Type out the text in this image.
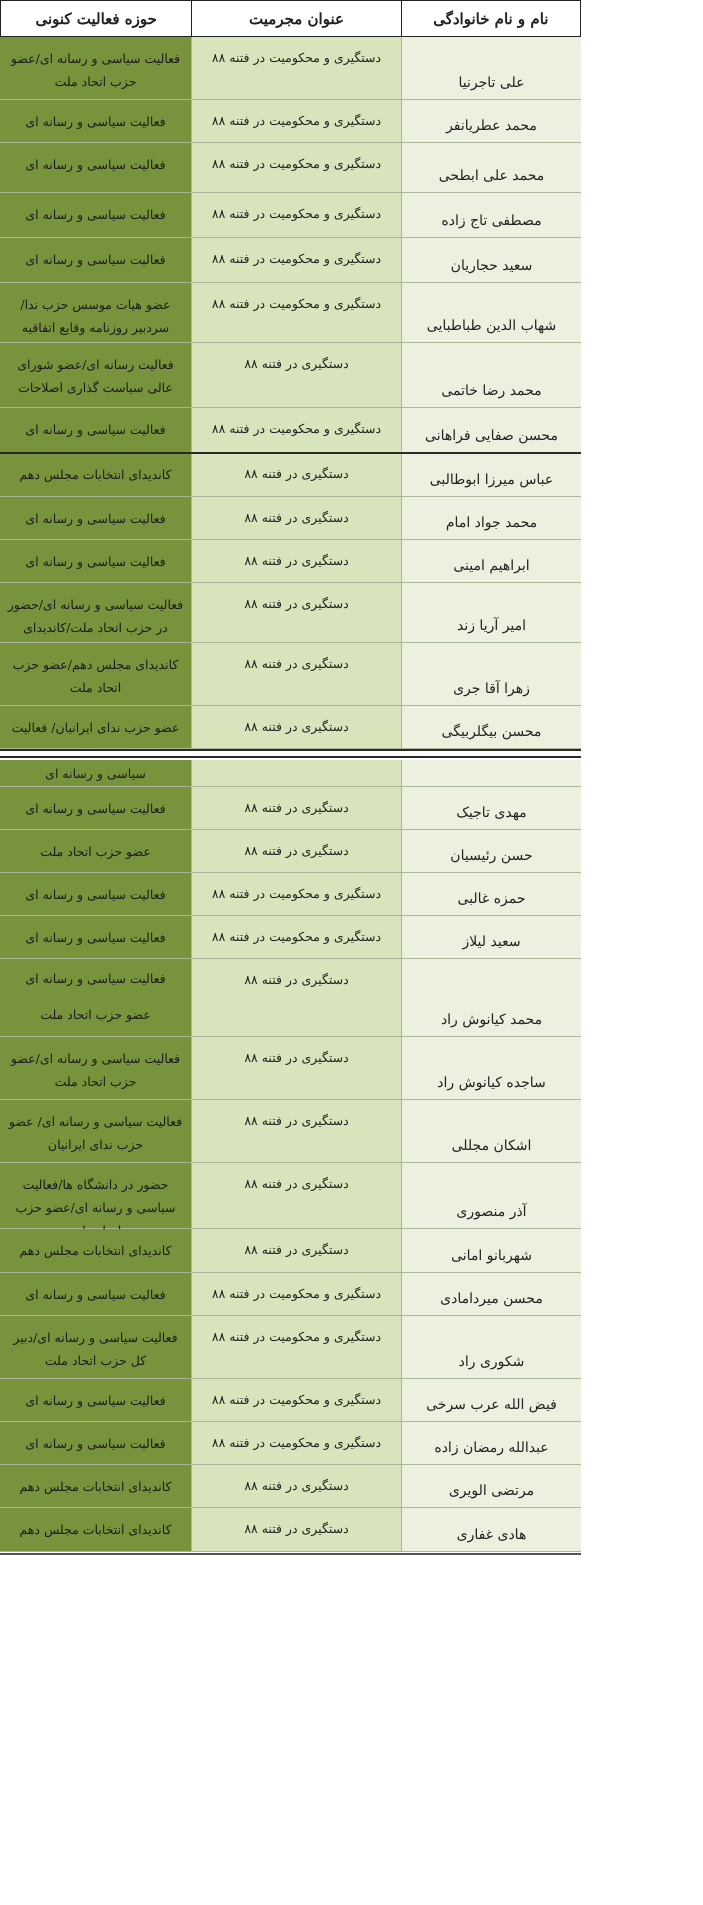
نام و نام خانوادگی
عنوان مجرمیت
حوزه فعالیت کنونی
علی تاجرنیا
دستگیری و محکومیت در فتنه ۸۸
فعالیت سیاسی و رسانه ای/عضو حزب اتحاد ملت
محمد عطریانفر
دستگیری و محکومیت در فتنه ۸۸
فعالیت سیاسی و رسانه ای
محمد علی ابطحی
دستگیری و محکومیت در فتنه ۸۸
فعالیت سیاسی و رسانه ای
مصطفی تاج زاده
دستگیری و محکومیت در فتنه ۸۸
فعالیت سیاسی و رسانه ای
سعید حجاریان
دستگیری و محکومیت در فتنه ۸۸
فعالیت سیاسی و رسانه ای
شهاب الدین طباطبایی
دستگیری و محکومیت در فتنه ۸۸
عضو هیات موسس حزب ندا/سردبیر روزنامه وقایع اتفاقیه
محمد رضا خاتمی
دستگیری در فتنه ۸۸
فعالیت رسانه ای/عضو شورای عالی سیاست گذاری اصلاحات
محسن صفایی فراهانی
دستگیری و محکومیت در فتنه ۸۸
فعالیت سیاسی و رسانه ای
عباس میرزا ابوطالبی
دستگیری در فتنه ۸۸
کاندیدای انتخابات مجلس دهم
محمد جواد امام
دستگیری در فتنه ۸۸
فعالیت سیاسی و رسانه ای
ابراهیم امینی
دستگیری در فتنه ۸۸
فعالیت سیاسی و رسانه ای
امیر آریا زند
دستگیری در فتنه ۸۸
فعالیت سیاسی و رسانه ای/حضور در حزب اتحاد ملت/کاندیدای
زهرا آقا جری
دستگیری در فتنه ۸۸
کاندیدای مجلس دهم/عضو حزب اتحاد ملت
محسن بیگلربیگی
دستگیری در فتنه ۸۸
عضو حزب ندای ایرانیان/ فعالیت
سیاسی و رسانه ای
مهدی تاجیک
دستگیری در فتنه ۸۸
فعالیت سیاسی و رسانه ای
حسن رئیسیان
دستگیری در فتنه ۸۸
عضو حزب اتحاد ملت
حمزه غالبی
دستگیری و محکومیت در فتنه ۸۸
فعالیت سیاسی و رسانه ای
سعید لیلاز
دستگیری و محکومیت در فتنه ۸۸
فعالیت سیاسی و رسانه ای
محمد کیانوش راد
دستگیری در فتنه ۸۸
فعالیت سیاسی و رسانه ای
عضو حزب اتحاد ملت
ساجده کیانوش راد
دستگیری در فتنه ۸۸
فعالیت سیاسی و رسانه ای/عضو حزب اتحاد ملت
اشکان مجللی
دستگیری در فتنه ۸۸
فعالیت سیاسی و رسانه ای/ عضو حزب ندای ایرانیان
آذر منصوری
دستگیری در فتنه ۸۸
حضور در دانشگاه ها/فعالیت سیاسی و رسانه ای/عضو حزب
شهربانو امانی
دستگیری در فتنه ۸۸
کاندیدای انتخابات مجلس دهم
محسن میردامادی
دستگیری و محکومیت در فتنه ۸۸
فعالیت سیاسی و رسانه ای
شکوری راد
دستگیری و محکومیت در فتنه ۸۸
فعالیت سیاسی و رسانه ای/دبیر کل حزب اتحاد ملت
فیض الله عرب سرخی
دستگیری و محکومیت در فتنه ۸۸
فعالیت سیاسی و رسانه ای
عبدالله رمضان زاده
دستگیری و محکومیت در فتنه ۸۸
فعالیت سیاسی و رسانه ای
مرتضی الویری
دستگیری در فتنه ۸۸
کاندیدای انتخابات مجلس دهم
هادی غفاری
دستگیری در فتنه ۸۸
کاندیدای انتخابات مجلس دهم
